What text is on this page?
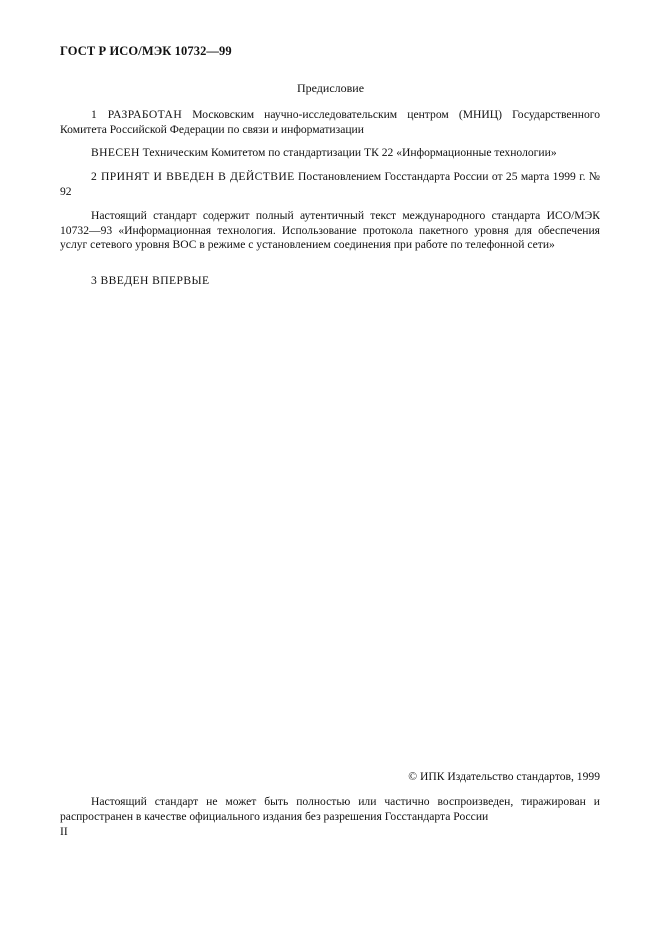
ГОСТ Р ИСО/МЭК 10732—99
Предисловие
1 РАЗРАБОТАН Московским научно-исследовательским центром (МНИЦ) Государственного Комитета Российской Федерации по связи и информатизации
ВНЕСЕН Техническим Комитетом по стандартизации ТК 22 «Информационные технологии»
2 ПРИНЯТ И ВВЕДЕН В ДЕЙСТВИЕ Постановлением Госстандарта России от 25 марта 1999 г. № 92
Настоящий стандарт содержит полный аутентичный текст международного стандарта ИСО/МЭК 10732—93 «Информационная технология. Использование протокола пакетного уровня для обеспечения услуг сетевого уровня ВОС в режиме с установлением соединения при работе по телефонной сети»
3 ВВЕДЕН ВПЕРВЫЕ
© ИПК Издательство стандартов, 1999
Настоящий стандарт не может быть полностью или частично воспроизведен, тиражирован и распространен в качестве официального издания без разрешения Госстандарта России
II
